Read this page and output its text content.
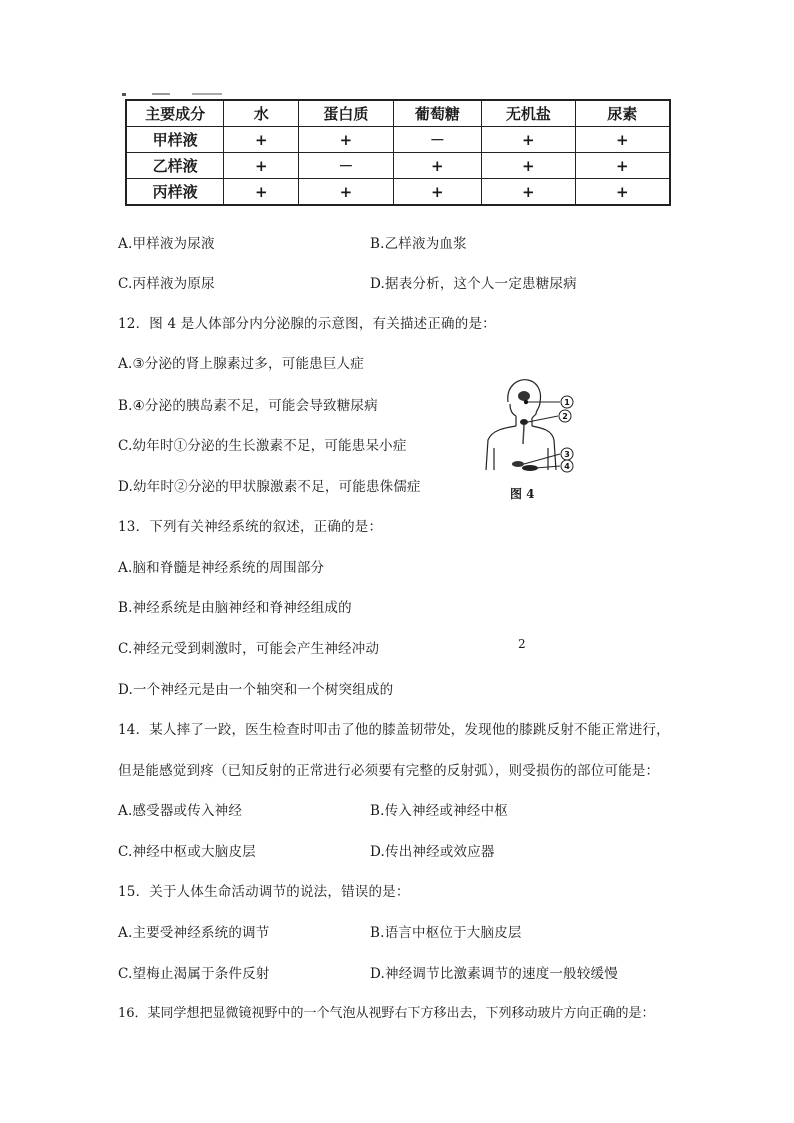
主要成分	水	蛋白质	葡萄糖	无机盐	尿素
甲样液	+	+	－	+	+
乙样液	+	－	+	+	+
丙样液	+	+	+	+	+
A.甲样液为尿液	B.乙样液为血浆
C.丙样液为原尿	D.据表分析，这个人一定患糖尿病
12．图 4 是人体部分内分泌腺的示意图，有关描述正确的是：
A.③分泌的肾上腺素过多，可能患巨人症
B.④分泌的胰岛素不足，可能会导致糖尿病
C.幼年时①分泌的生长激素不足，可能患呆小症
D.幼年时②分泌的甲状腺激素不足，可能患侏儒症
1
2
3
4
图 4
13．下列有关神经系统的叙述，正确的是：
A.脑和脊髓是神经系统的周围部分
B.神经系统是由脑神经和脊神经组成的
C.神经元受到刺激时，可能会产生神经冲动	2
D.一个神经元是由一个轴突和一个树突组成的
14．某人摔了一跤，医生检查时叩击了他的膝盖韧带处，发现他的膝跳反射不能正常进行，
但是能感觉到疼（已知反射的正常进行必须要有完整的反射弧），则受损伤的部位可能是：
A.感受器或传入神经	B.传入神经或神经中枢
C.神经中枢或大脑皮层	D.传出神经或效应器
15．关于人体生命活动调节的说法，错误的是：
A.主要受神经系统的调节	B.语言中枢位于大脑皮层
C.望梅止渴属于条件反射	D.神经调节比激素调节的速度一般较缓慢
16．某同学想把显微镜视野中的一个气泡从视野右下方移出去，下列移动玻片方向正确的是：
